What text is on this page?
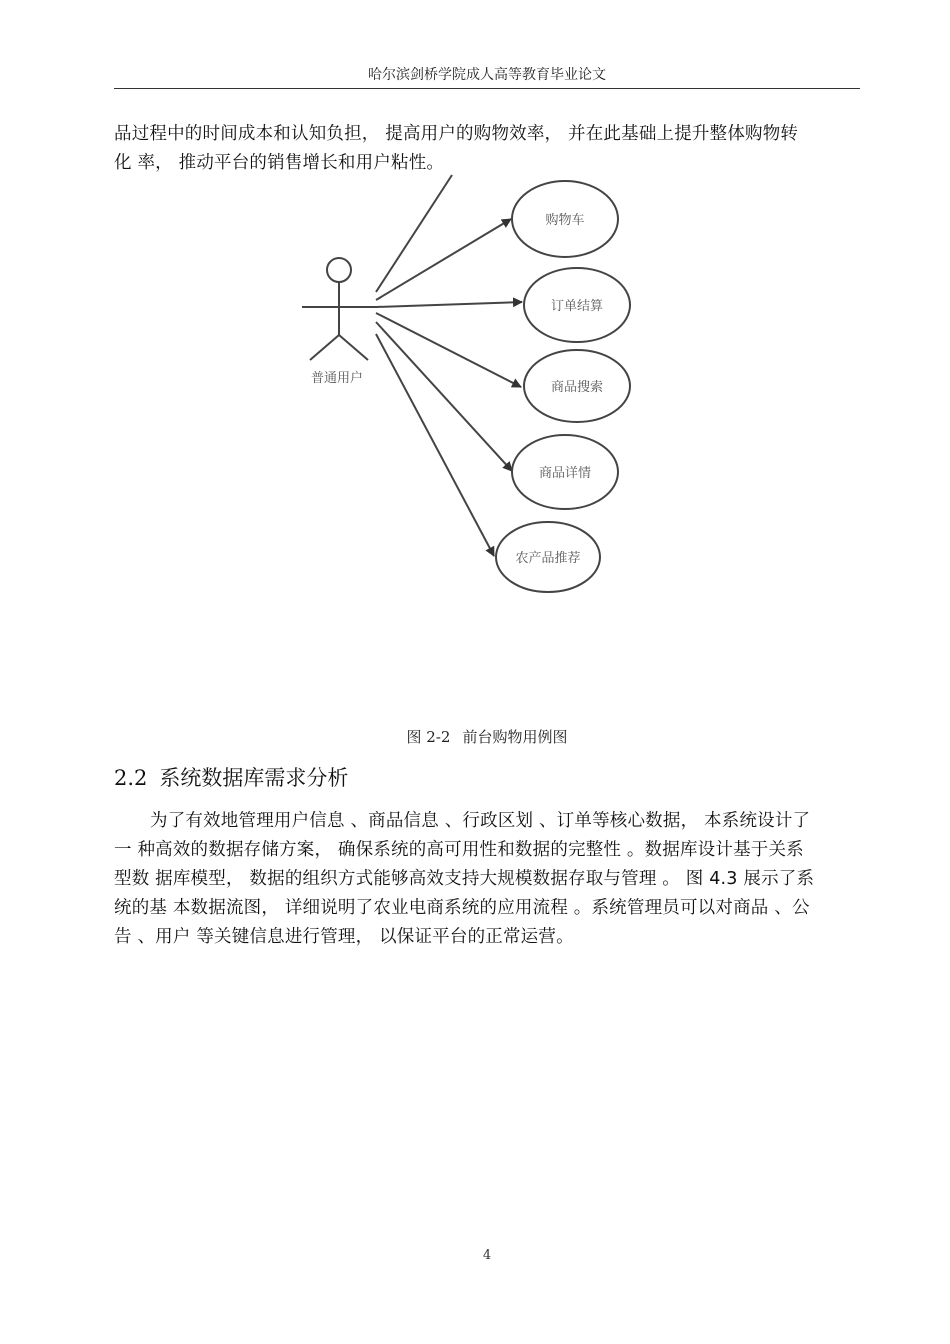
哈尔滨剑桥学院成人高等教育毕业论文
品过程中的时间成本和认知负担， 提高用户的购物效率， 并在此基础上提升整体购物转
化 率， 推动平台的销售增长和用户粘性。
普通用户
购物车
订单结算
商品搜索
商品详情
农产品推荐
图 2-2 前台购物用例图
2.2 系统数据库需求分析
为了有效地管理用户信息 、商品信息 、行政区划 、订单等核心数据， 本系统设计了
一 种高效的数据存储方案， 确保系统的高可用性和数据的完整性 。数据库设计基于关系
型数 据库模型， 数据的组织方式能够高效支持大规模数据存取与管理 。 图 4.3 展示了系
统的基 本数据流图， 详细说明了农业电商系统的应用流程 。系统管理员可以对商品 、公
告 、用户 等关键信息进行管理， 以保证平台的正常运营。
4
